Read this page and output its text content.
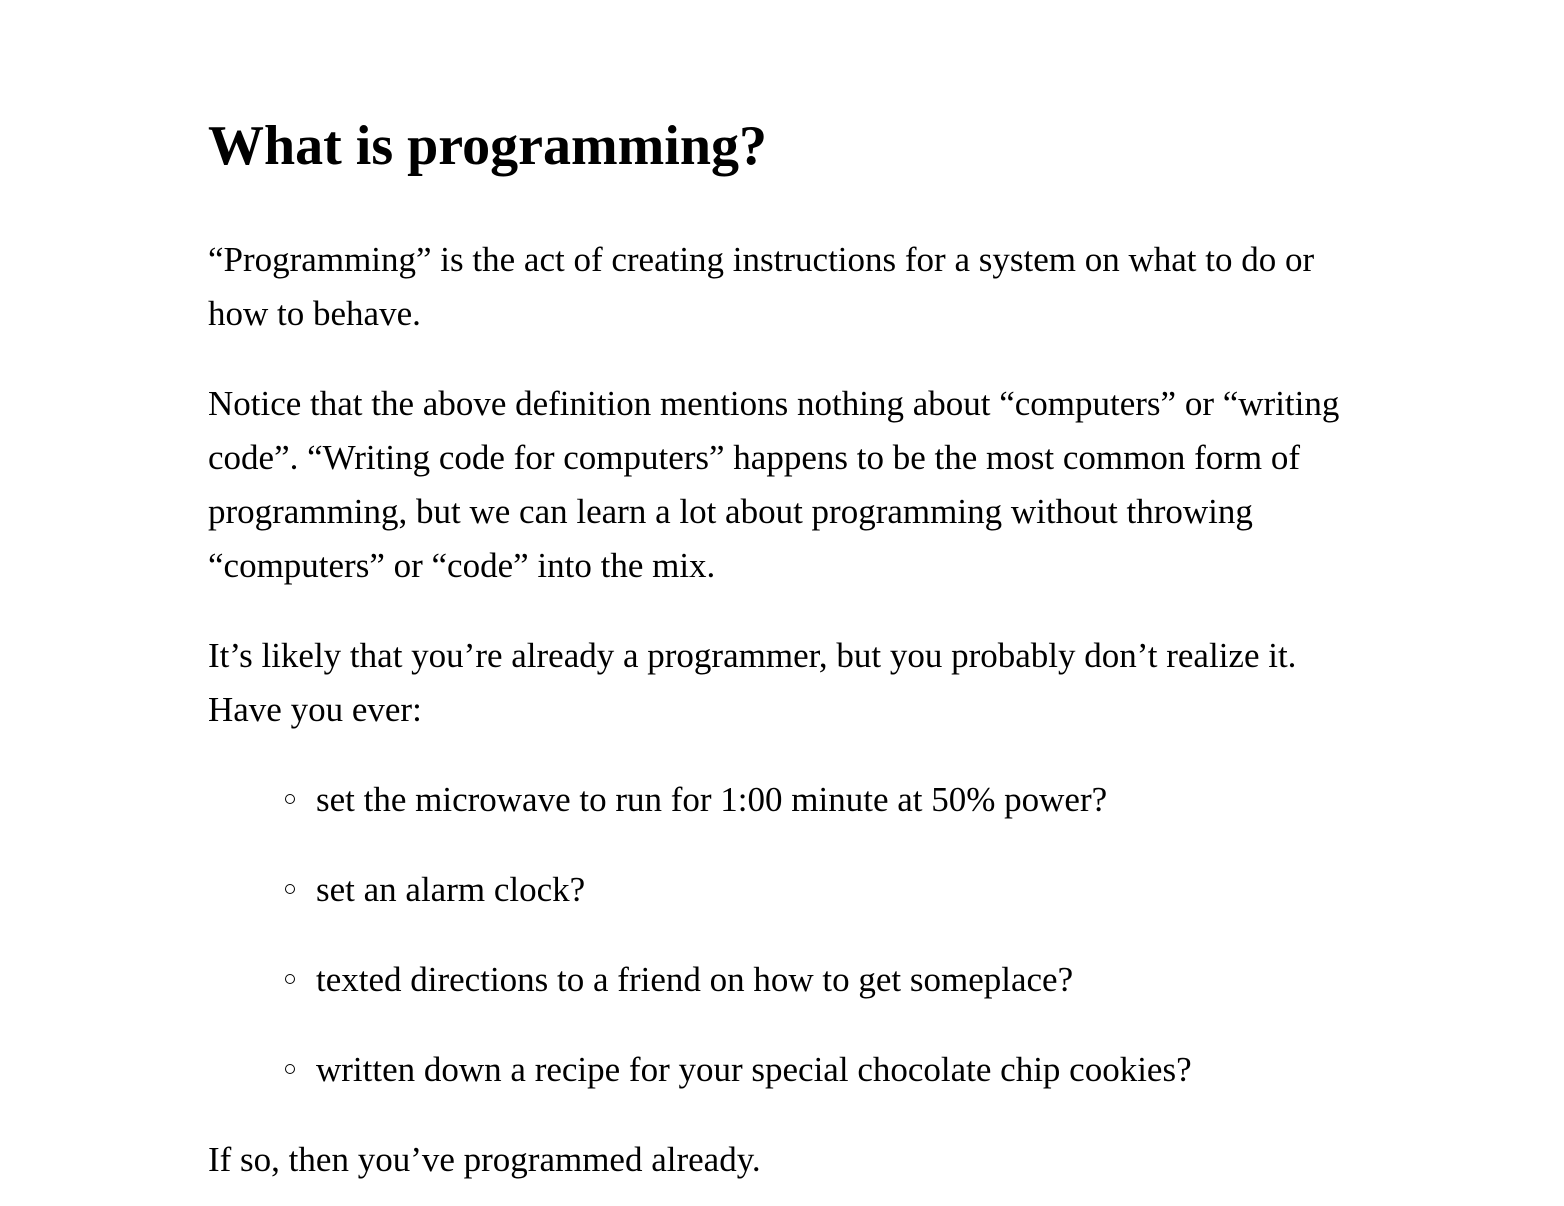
What is programming?

“Programming” is the act of creating instructions for a system on what to do or how to behave.

Notice that the above definition mentions nothing about “computers” or “writing code”. “Writing code for computers” happens to be the most common form of programming, but we can learn a lot about programming without throwing “computers” or “code” into the mix.

It’s likely that you’re already a programmer, but you probably don’t realize it. Have you ever:

set the microwave to run for 1:00 minute at 50% power?
set an alarm clock?
texted directions to a friend on how to get someplace?
written down a recipe for your special chocolate chip cookies?

If so, then you’ve programmed already.
